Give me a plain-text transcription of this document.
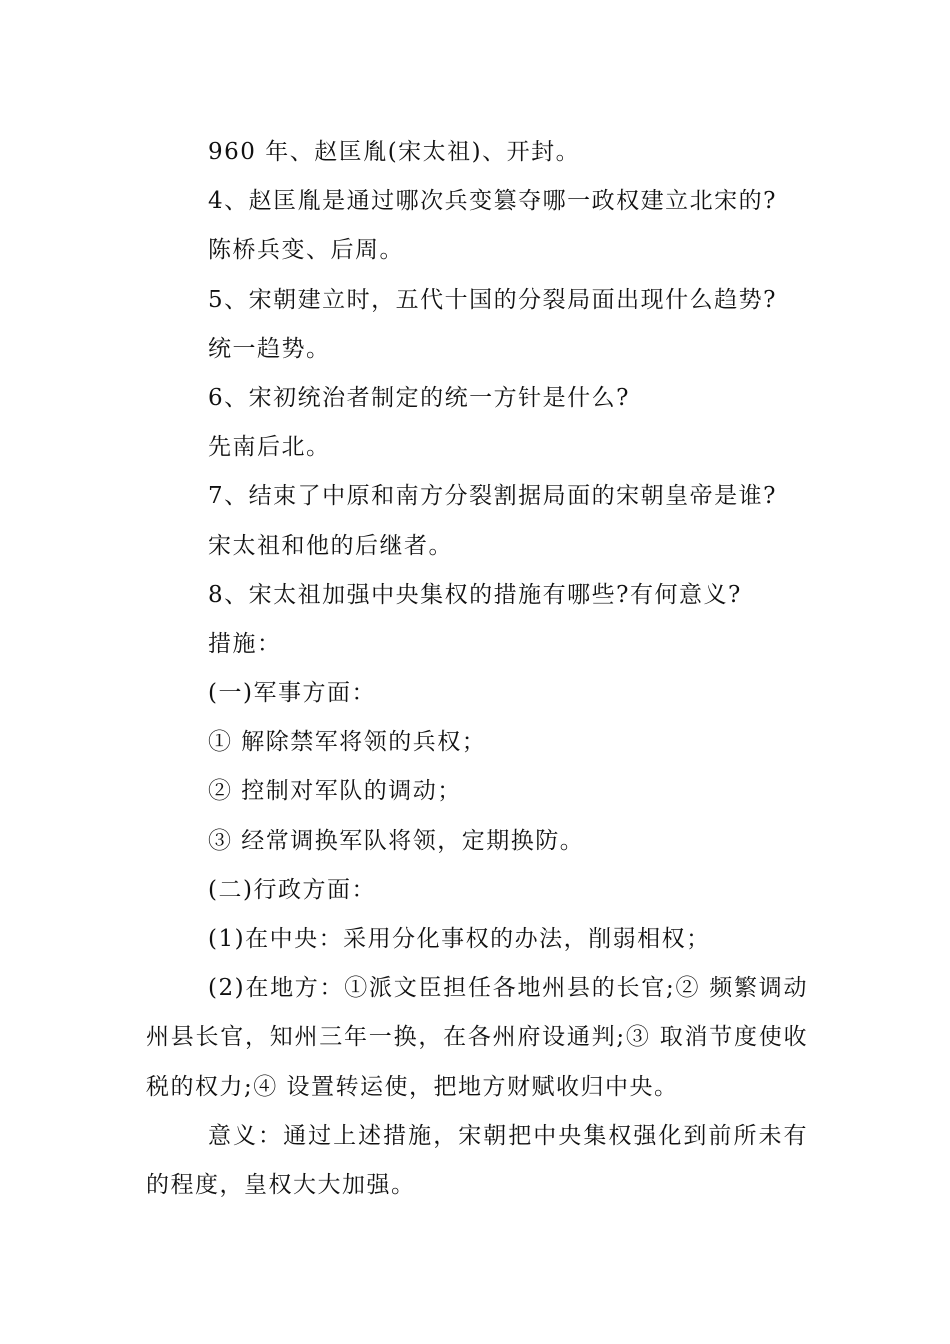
960 年、赵匡胤(宋太祖)、开封。
4、赵匡胤是通过哪次兵变篡夺哪一政权建立北宋的?
陈桥兵变、后周。
5、宋朝建立时，五代十国的分裂局面出现什么趋势?
统一趋势。
6、宋初统治者制定的统一方针是什么?
先南后北。
7、结束了中原和南方分裂割据局面的宋朝皇帝是谁?
宋太祖和他的后继者。
8、宋太祖加强中央集权的措施有哪些?有何意义?
措施：
(一)军事方面：
① 解除禁军将领的兵权；
② 控制对军队的调动；
③ 经常调换军队将领，定期换防。
(二)行政方面：
(1)在中央：采用分化事权的办法，削弱相权；

(2)在地方：①派文臣担任各地州县的长官;② 频繁调动州县长官，知州三年一换，在各州府设通判;③ 取消节度使收税的权力;④ 设置转运使，把地方财赋收归中央。

意义：通过上述措施，宋朝把中央集权强化到前所未有的程度，皇权大大加强。
